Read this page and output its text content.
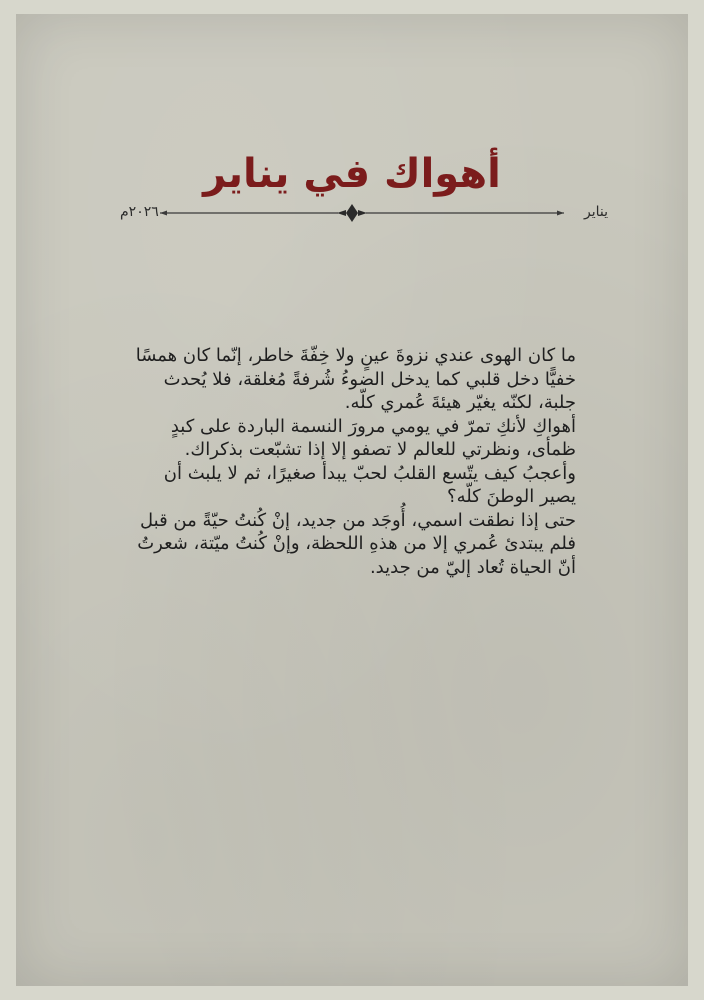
أهواك في يناير
يناير
٢٠٢٦م

ما كان الهوى عندي نزوةَ عينٍ ولا خِفّةَ خاطر، إنّما كان همسًا خفيًّا دخل قلبي كما يدخل الضوءُ شُرفةً مُغلقة، فلا يُحدث جلبة، لكنّه يغيّر هيئةَ عُمري كلّه.

أهواكِ لأنكِ تمرّ في يومي مرورَ النسمة الباردة على كبدٍ ظمأى، ونظرتي للعالم لا تصفو إلا إذا تشبّعت بذكراك. وأعجبُ كيف يتّسع القلبُ لحبّ يبدأ صغيرًا، ثم لا يلبث أن يصير الوطنَ كلّه؟

حتى إذا نطقت اسمي، أُوجَد من جديد، إنْ كُنتُ حيّةً من قبل فلم يبتدئ عُمري إلا من هذهِ اللحظة، وإنْ كُنتُ ميّتة، شعرتُ أنّ الحياة تُعاد إليّ من جديد.
